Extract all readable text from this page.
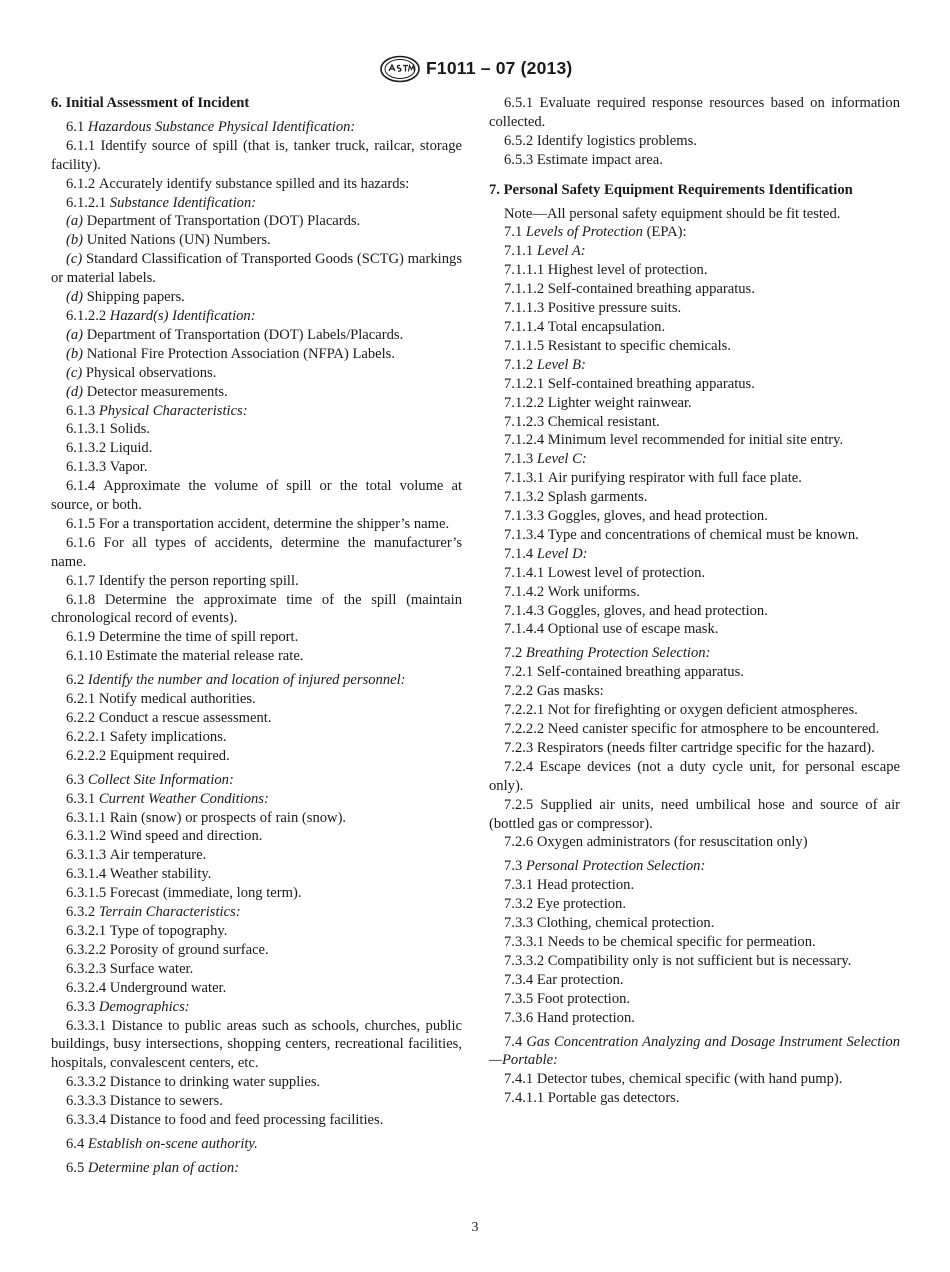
F1011 – 07 (2013)

6. Initial Assessment of Incident

6.1 Hazardous Substance Physical Identification:

6.1.1 Identify source of spill (that is, tanker truck, railcar, storage facility).

6.1.2 Accurately identify substance spilled and its hazards:

6.1.2.1 Substance Identification:

(a) Department of Transportation (DOT) Placards.

(b) United Nations (UN) Numbers.

(c) Standard Classification of Transported Goods (SCTG) markings or material labels.

(d) Shipping papers.

6.1.2.2 Hazard(s) Identification:

(a) Department of Transportation (DOT) Labels/Placards.

(b) National Fire Protection Association (NFPA) Labels.

(c) Physical observations.

(d) Detector measurements.

6.1.3 Physical Characteristics:

6.1.3.1 Solids.

6.1.3.2 Liquid.

6.1.3.3 Vapor.

6.1.4 Approximate the volume of spill or the total volume at source, or both.

6.1.5 For a transportation accident, determine the shipper’s name.

6.1.6 For all types of accidents, determine the manufacturer’s name.

6.1.7 Identify the person reporting spill.

6.1.8 Determine the approximate time of the spill (maintain chronological record of events).

6.1.9 Determine the time of spill report.

6.1.10 Estimate the material release rate.

6.2 Identify the number and location of injured personnel:

6.2.1 Notify medical authorities.

6.2.2 Conduct a rescue assessment.

6.2.2.1 Safety implications.

6.2.2.2 Equipment required.

6.3 Collect Site Information:

6.3.1 Current Weather Conditions:

6.3.1.1 Rain (snow) or prospects of rain (snow).

6.3.1.2 Wind speed and direction.

6.3.1.3 Air temperature.

6.3.1.4 Weather stability.

6.3.1.5 Forecast (immediate, long term).

6.3.2 Terrain Characteristics:

6.3.2.1 Type of topography.

6.3.2.2 Porosity of ground surface.

6.3.2.3 Surface water.

6.3.2.4 Underground water.

6.3.3 Demographics:

6.3.3.1 Distance to public areas such as schools, churches, public buildings, busy intersections, shopping centers, recreational facilities, hospitals, convalescent centers, etc.

6.3.3.2 Distance to drinking water supplies.

6.3.3.3 Distance to sewers.

6.3.3.4 Distance to food and feed processing facilities.

6.4 Establish on-scene authority.

6.5 Determine plan of action:

6.5.1 Evaluate required response resources based on information collected.

6.5.2 Identify logistics problems.

6.5.3 Estimate impact area.

7. Personal Safety Equipment Requirements Identification

Note—All personal safety equipment should be fit tested.

7.1 Levels of Protection (EPA):

7.1.1 Level A:

7.1.1.1 Highest level of protection.

7.1.1.2 Self-contained breathing apparatus.

7.1.1.3 Positive pressure suits.

7.1.1.4 Total encapsulation.

7.1.1.5 Resistant to specific chemicals.

7.1.2 Level B:

7.1.2.1 Self-contained breathing apparatus.

7.1.2.2 Lighter weight rainwear.

7.1.2.3 Chemical resistant.

7.1.2.4 Minimum level recommended for initial site entry.

7.1.3 Level C:

7.1.3.1 Air purifying respirator with full face plate.

7.1.3.2 Splash garments.

7.1.3.3 Goggles, gloves, and head protection.

7.1.3.4 Type and concentrations of chemical must be known.

7.1.4 Level D:

7.1.4.1 Lowest level of protection.

7.1.4.2 Work uniforms.

7.1.4.3 Goggles, gloves, and head protection.

7.1.4.4 Optional use of escape mask.

7.2 Breathing Protection Selection:

7.2.1 Self-contained breathing apparatus.

7.2.2 Gas masks:

7.2.2.1 Not for firefighting or oxygen deficient atmospheres.

7.2.2.2 Need canister specific for atmosphere to be encountered.

7.2.3 Respirators (needs filter cartridge specific for the hazard).

7.2.4 Escape devices (not a duty cycle unit, for personal escape only).

7.2.5 Supplied air units, need umbilical hose and source of air (bottled gas or compressor).

7.2.6 Oxygen administrators (for resuscitation only)

7.3 Personal Protection Selection:

7.3.1 Head protection.

7.3.2 Eye protection.

7.3.3 Clothing, chemical protection.

7.3.3.1 Needs to be chemical specific for permeation.

7.3.3.2 Compatibility only is not sufficient but is necessary.

7.3.4 Ear protection.

7.3.5 Foot protection.

7.3.6 Hand protection.

7.4 Gas Concentration Analyzing and Dosage Instrument Selection—Portable:

7.4.1 Detector tubes, chemical specific (with hand pump).

7.4.1.1 Portable gas detectors.

3
